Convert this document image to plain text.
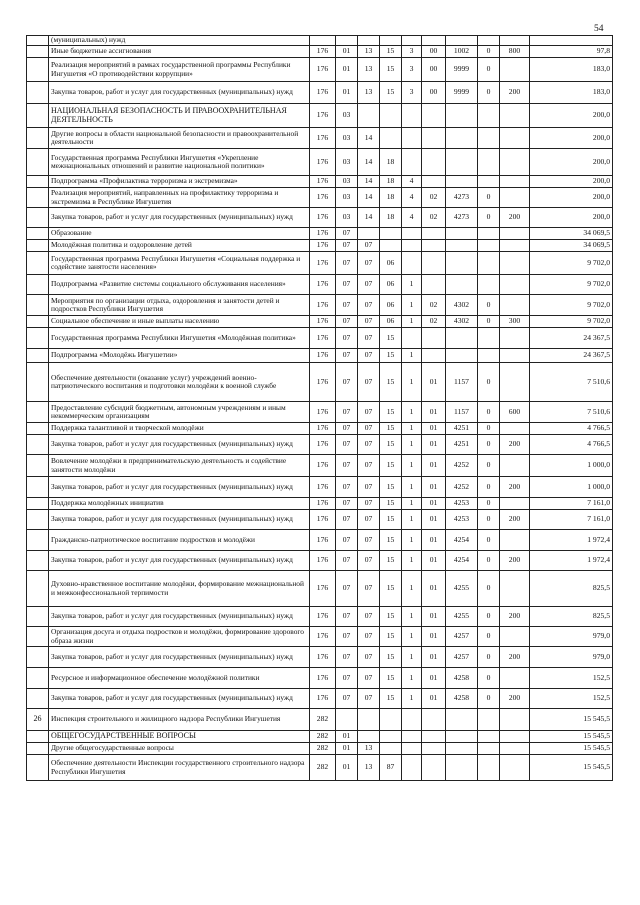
54
	(муниципальных) нужд										
	Иные бюджетные ассигнования	176	01	13	15	3	00	1002	0	800	97,8
	Реализация мероприятий в рамках государственной программы Республики Ингушетия «О противодействии коррупции»	176	01	13	15	3	00	9999	0		183,0
	Закупка товаров, работ и услуг для государственных (муниципальных) нужд	176	01	13	15	3	00	9999	0	200	183,0
	НАЦИОНАЛЬНАЯ БЕЗОПАСНОСТЬ И ПРАВООХРАНИТЕЛЬНАЯ ДЕЯТЕЛЬНОСТЬ	176	03								200,0
	Другие вопросы в области национальной безопасности и правоохранительной деятельности	176	03	14							200,0
	Государственная программа Республики Ингушетия «Укрепление межнациональных отношений и развитие национальной политики»	176	03	14	18						200,0
	Подпрограмма «Профилактика терроризма и экстремизма»	176	03	14	18	4					200,0
	Реализация мероприятий, направленных на профилактику терроризма и экстремизма в Республике Ингушетия	176	03	14	18	4	02	4273	0		200,0
	Закупка товаров, работ и услуг для государственных (муниципальных) нужд	176	03	14	18	4	02	4273	0	200	200,0
	Образование	176	07								34 069,5
	Молодёжная политика и оздоровление детей	176	07	07							34 069,5
	Государственная программа Республики Ингушетия «Социальная поддержка и содействие занятости населения»	176	07	07	06						9 702,0
	Подпрограмма «Развитие системы социального обслуживания населения»	176	07	07	06	1					9 702,0
	Мероприятия по организации отдыха, оздоровления и занятости детей и подростков Республики Ингушетия	176	07	07	06	1	02	4302	0		9 702,0
	Социальное обеспечение и иные выплаты населению	176	07	07	06	1	02	4302	0	300	9 702,0
	Государственная программа Республики Ингушетия «Молодёжная политика»	176	07	07	15						24 367,5
	Подпрограмма «Молодёжь Ингушетии»	176	07	07	15	1					24 367,5
	Обеспечение деятельности (оказание услуг) учреждений военно-патриотического воспитания и подготовки молодёжи к военной службе	176	07	07	15	1	01	1157	0		7 510,6
	Предоставление субсидий бюджетным, автономным учреждениям и иным некоммерческим организациям	176	07	07	15	1	01	1157	0	600	7 510,6
	Поддержка талантливой и творческой молодёжи	176	07	07	15	1	01	4251	0		4 766,5
	Закупка товаров, работ и услуг для государственных (муниципальных) нужд	176	07	07	15	1	01	4251	0	200	4 766,5
	Вовлечение молодёжи в предпринимательскую деятельность и содействие занятости молодёжи	176	07	07	15	1	01	4252	0		1 000,0
	Закупка товаров, работ и услуг для государственных (муниципальных) нужд	176	07	07	15	1	01	4252	0	200	1 000,0
	Поддержка молодёжных инициатив	176	07	07	15	1	01	4253	0		7 161,0
	Закупка товаров, работ и услуг для государственных (муниципальных) нужд	176	07	07	15	1	01	4253	0	200	7 161,0
	Гражданско-патриотическое воспитание подростков и молодёжи	176	07	07	15	1	01	4254	0		1 972,4
	Закупка товаров, работ и услуг для государственных (муниципальных) нужд	176	07	07	15	1	01	4254	0	200	1 972,4
	Духовно-нравственное воспитание молодёжи, формирование межнациональной и межконфессиональной терпимости	176	07	07	15	1	01	4255	0		825,5
	Закупка товаров, работ и услуг для государственных (муниципальных) нужд	176	07	07	15	1	01	4255	0	200	825,5
	Организация досуга и отдыха подростков и молодёжи, формирование здорового образа жизни	176	07	07	15	1	01	4257	0		979,0
	Закупка товаров, работ и услуг для государственных (муниципальных) нужд	176	07	07	15	1	01	4257	0	200	979,0
	Ресурсное и информационное обеспечение молодёжной политики	176	07	07	15	1	01	4258	0		152,5
	Закупка товаров, работ и услуг для государственных (муниципальных) нужд	176	07	07	15	1	01	4258	0	200	152,5
26	Инспекция строительного и жилищного надзора Республики Ингушетия	282									15 545,5
	ОБЩЕГОСУДАРСТВЕННЫЕ ВОПРОСЫ	282	01								15 545,5
	Другие общегосударственные вопросы	282	01	13							15 545,5
	Обеспечение деятельности Инспекции государственного строительного надзора Республики Ингушетия	282	01	13	87						15 545,5
